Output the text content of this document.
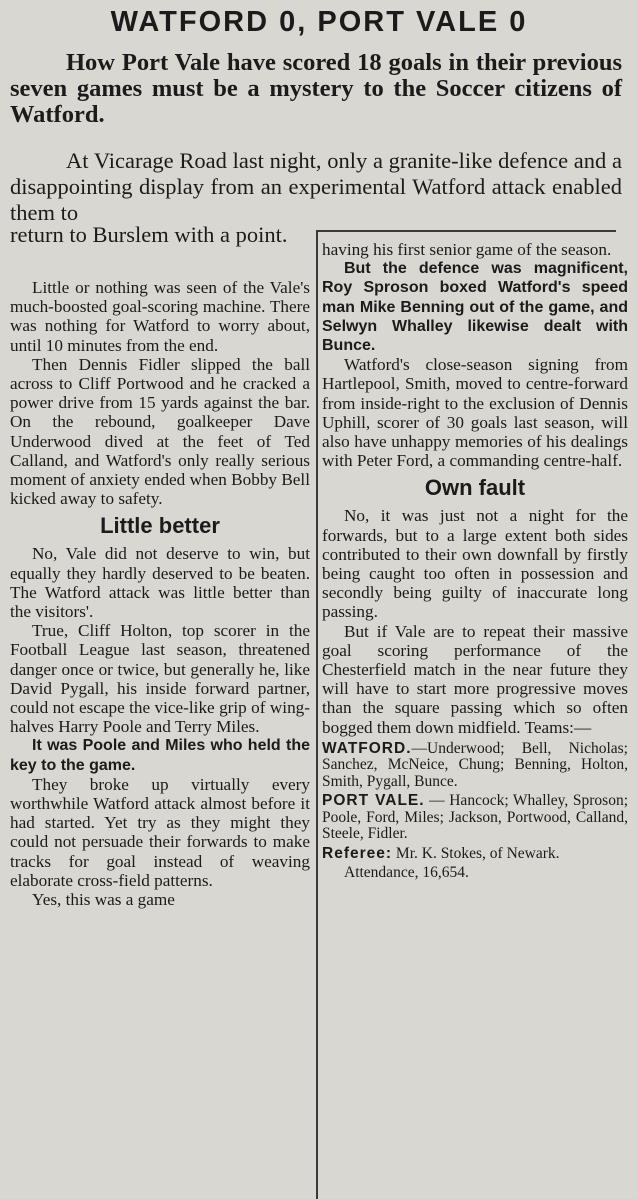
WATFORD 0, PORT VALE 0
How Port Vale have scored 18 goals in their previous seven games must be a mystery to the Soccer citizens of Watford.
At Vicarage Road last night, only a granite-like defence and a disappointing display from an experimental Watford attack enabled them to
return to Burslem with a point.

Little or nothing was seen of the Vale's much-boosted goal-scoring machine. There was nothing for Watford to worry about, until 10 minutes from the end.

Then Dennis Fidler slipped the ball across to Cliff Portwood and he cracked a power drive from 15 yards against the bar. On the rebound, goalkeeper Dave Underwood dived at the feet of Ted Calland, and Watford's only really serious moment of anxiety ended when Bobby Bell kicked away to safety.

Little better

No, Vale did not deserve to win, but equally they hardly deserved to be beaten. The Watford attack was little better than the visitors'.

True, Cliff Holton, top scorer in the Football League last season, threatened danger once or twice, but generally he, like David Pygall, his inside forward partner, could not escape the vice-like grip of wing-halves Harry Poole and Terry Miles.

It was Poole and Miles who held the key to the game.

They broke up virtually every worthwhile Watford attack almost before it had started. Yet try as they might they could not persuade their forwards to make tracks for goal instead of weaving elaborate cross-field patterns.

Yes, this was a game

having his first senior game of the season.

But the defence was magnificent, Roy Sproson boxed Watford's speed man Mike Benning out of the game, and Selwyn Whalley likewise dealt with Bunce.

Watford's close-season signing from Hartlepool, Smith, moved to centre-forward from inside-right to the exclusion of Dennis Uphill, scorer of 30 goals last season, will also have unhappy memories of his dealings with Peter Ford, a commanding centre-half.

Own fault

No, it was just not a night for the forwards, but to a large extent both sides contributed to their own downfall by firstly being caught too often in possession and secondly being guilty of inaccurate long passing.

But if Vale are to repeat their massive goal scoring performance of the Chesterfield match in the near future they will have to start more progressive moves than the square passing which so often bogged them down midfield. Teams:—

WATFORD.—Underwood; Bell, Nicholas; Sanchez, McNeice, Chung; Benning, Holton, Smith, Pygall, Bunce.

PORT VALE. — Hancock; Whalley, Sproson; Poole, Ford, Miles; Jackson, Portwood, Calland, Steele, Fidler.

Referee: Mr. K. Stokes, of Newark.

Attendance, 16,654.
